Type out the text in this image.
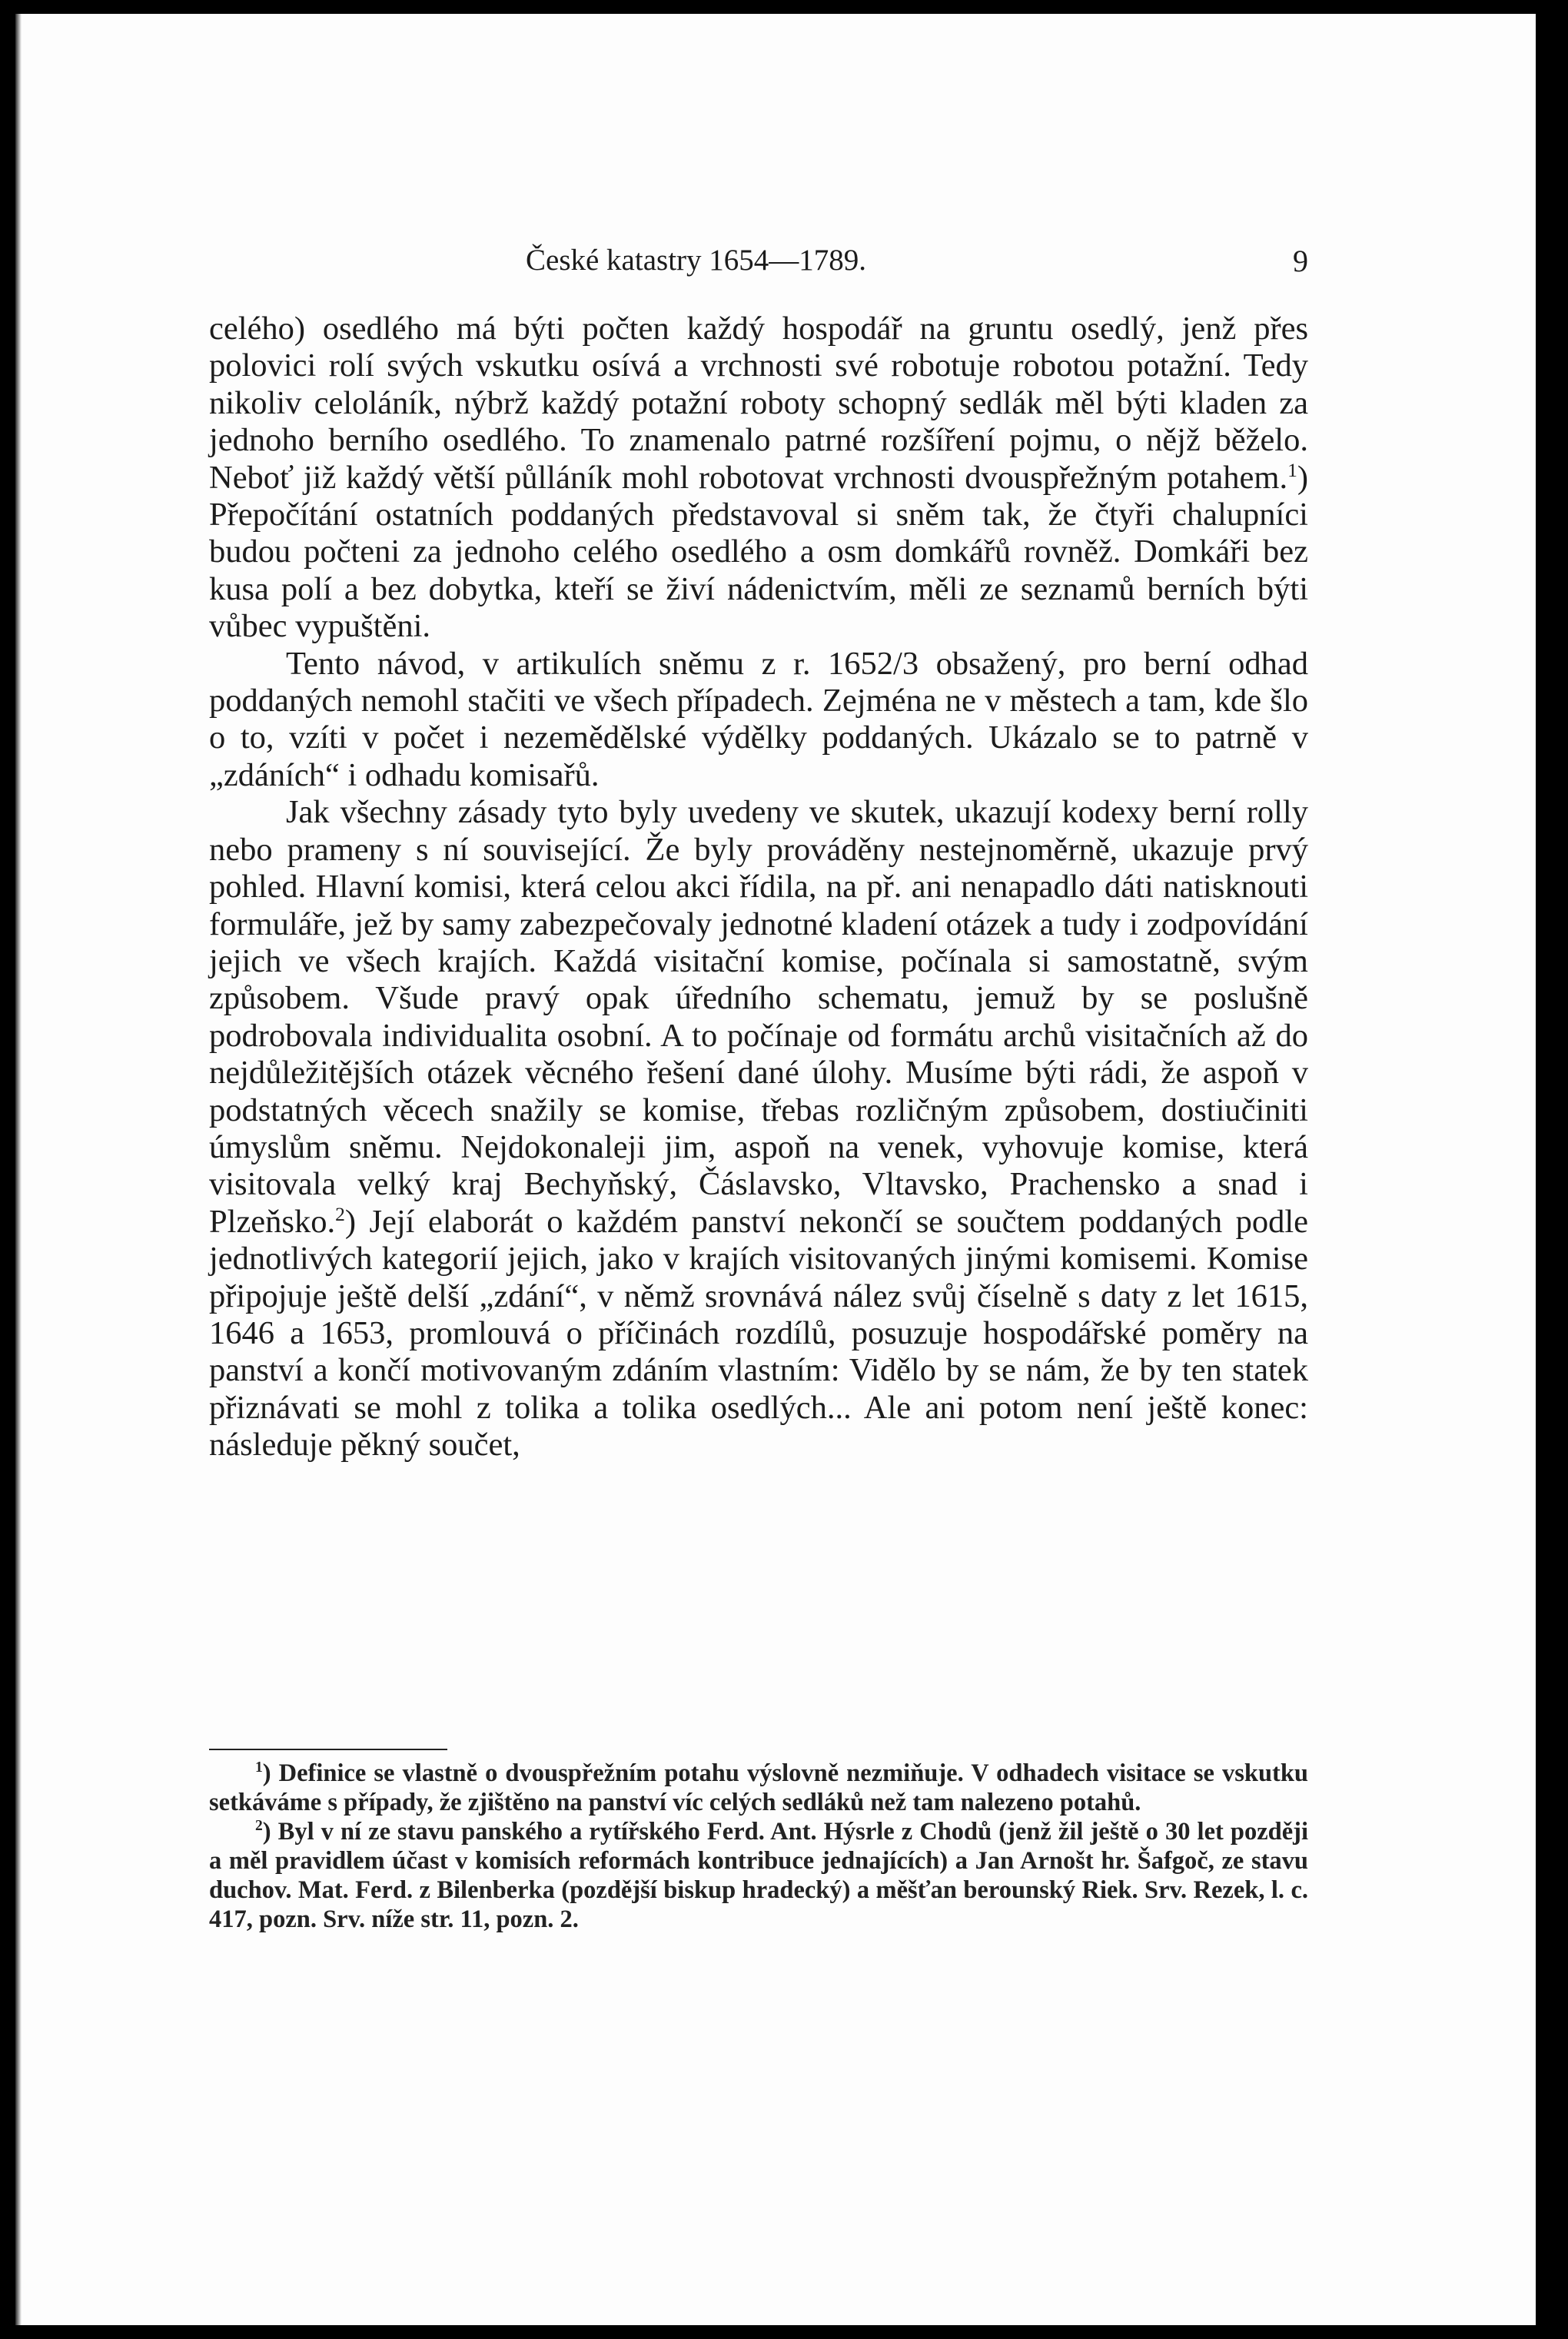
České katastry 1654—1789.	9

celého) osedlého má býti počten každý hospodář na gruntu osedlý, jenž přes polovici rolí svých vskutku osívá a vrchnosti své robotuje robotou potažní. Tedy nikoliv celoláník, nýbrž každý potažní roboty schopný sedlák měl býti kladen za jednoho berního osedlého. To znamenalo patrné rozšíření pojmu, o nějž běželo. Neboť již každý větší půlláník mohl robotovat vrchnosti dvouspřežným potahem.$^1$) Přepočítání ostatních poddaných představoval si sněm tak, že čtyři chalupníci budou počteni za jednoho celého osedlého a osm domkářů rovněž. Domkáři bez kusa polí a bez dobytka, kteří se živí nádenictvím, měli ze seznamů berních býti vůbec vypuštěni.

Tento návod, v artikulích sněmu z r. 1652/3 obsažený, pro berní odhad poddaných nemohl stačiti ve všech případech. Zejména ne v městech a tam, kde šlo o to, vzíti v počet i nezemědělské výdělky poddaných. Ukázalo se to patrně v „zdáních“ i odhadu komisařů.

Jak všechny zásady tyto byly uvedeny ve skutek, ukazují kodexy berní rolly nebo prameny s ní související. Že byly prováděny nestejnoměrně, ukazuje prvý pohled. Hlavní komisi, která celou akci řídila, na př. ani nenapadlo dáti natisknouti formuláře, jež by samy zabezpečovaly jednotné kladení otázek a tudy i zodpovídání jejich ve všech krajích. Každá visitační komise, počínala si samostatně, svým způsobem. Všude pravý opak úředního schematu, jemuž by se poslušně podrobovala individualita osobní. A to počínaje od formátu archů visitačních až do nejdůležitějších otázek věcného řešení dané úlohy. Musíme býti rádi, že aspoň v podstatných věcech snažily se komise, třebas rozličným způsobem, dostiučiniti úmyslům sněmu. Nejdokonaleji jim, aspoň na venek, vyhovuje komise, která visitovala velký kraj Bechyňský, Čáslavsko, Vltavsko, Prachensko a snad i Plzeňsko.$^2$) Její elaborát o každém panství nekončí se součtem poddaných podle jednotlivých kategorií jejich, jako v krajích visitovaných jinými komisemi. Komise připojuje ještě delší „zdání“, v němž srovnává nález svůj číselně s daty z let 1615, 1646 a 1653, promlouvá o příčinách rozdílů, posuzuje hospodářské poměry na panství a končí motivovaným zdáním vlastním: Vidělo by se nám, že by ten statek přiznávati se mohl z tolika a tolika osedlých... Ale ani potom není ještě konec: následuje pěkný součet,

$^1$) Definice se vlastně o dvouspřežním potahu výslovně nezmiňuje. V odhadech visitace se vskutku setkáváme s případy, že zjištěno na panství víc celých sedláků než tam nalezeno potahů.

$^2$) Byl v ní ze stavu panského a rytířského Ferd. Ant. Hýsrle z Chodů (jenž žil ještě o 30 let později a měl pravidlem účast v komisích reformách kontribuce jednajících) a Jan Arnošt hr. Šafgoč, ze stavu duchov. Mat. Ferd. z Bilenberka (pozdější biskup hradecký) a měšťan berounský Riek. Srv. Rezek, l. c. 417, pozn. Srv. níže str. 11, pozn. 2.
